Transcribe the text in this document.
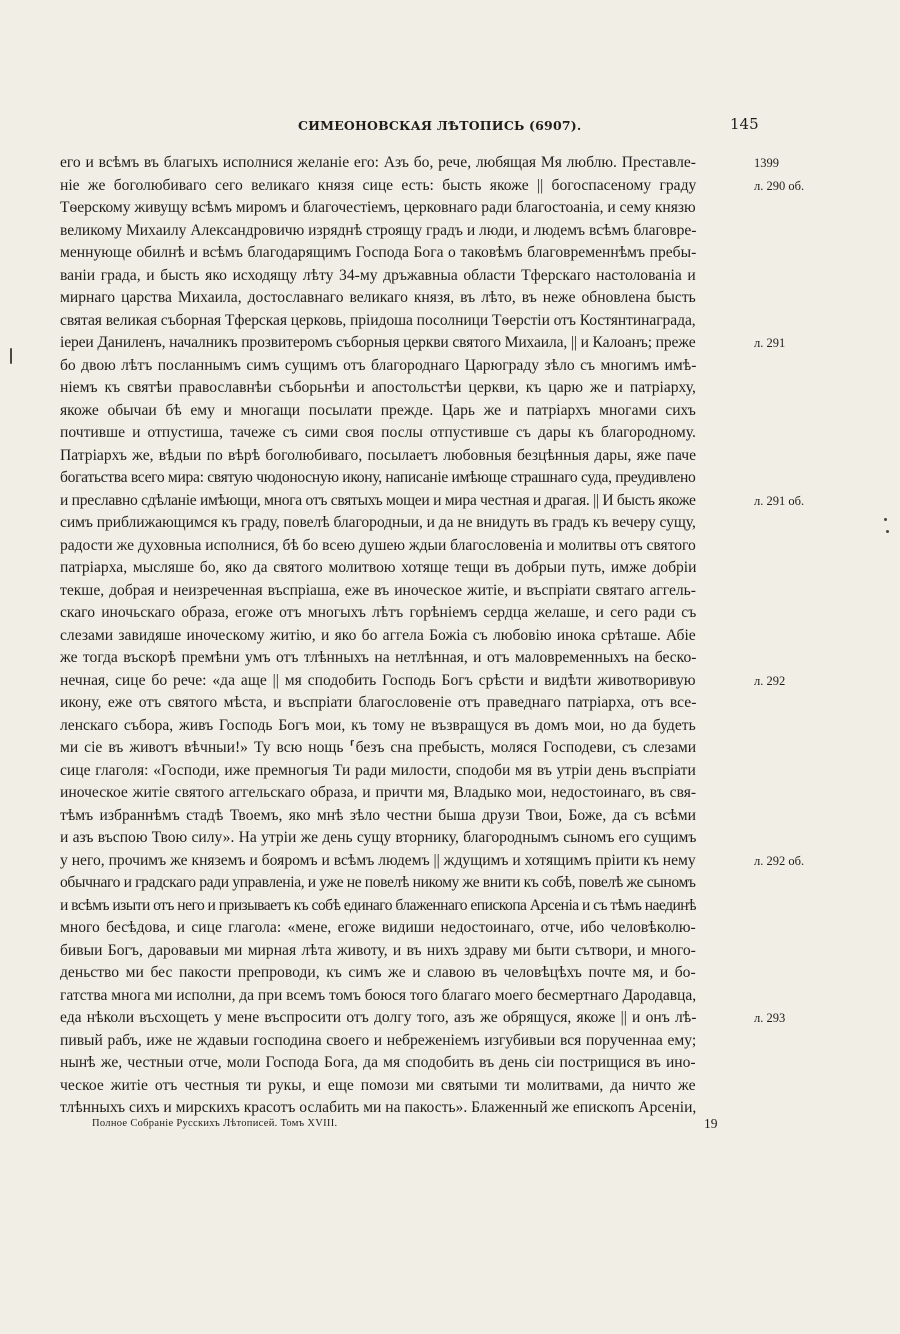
СИМЕОНОВСКАЯ ЛѢТОПИСЬ (6907).	145
его и всѣмъ въ благыхъ исполнися желаніе его: Азъ бо, рече, любящая Мя люблю. Преставле-	1399
ніе же боголюбиваго сего великаго князя сице есть: бысть якоже || богоспасеному граду	л. 290 об.
Тѳерскому живущу всѣмъ миромъ и благочестіемъ, церковнаго ради благостоаніа, и сему князю
великому Михаилу Александровичю изряднѣ строящу градъ и люди, и людемъ всѣмъ благовре-
меннующе обилнѣ и всѣмъ благодарящимъ Господа Бога о таковѣмъ благовременнѣмъ пребы-
ваніи града, и бысть яко исходящу лѣту 34-му дръжавныа области Тферскаго настолованіа и
мирнаго царства Михаила, достославнаго великаго князя, въ лѣто, въ неже обновлена бысть
святая великая съборная Тферская церковь, пріидоша посолници Тѳерстіи отъ Костянтинаграда,
іереи Даниленъ, началникъ прозвитеромъ съборныя церкви святого Михаила, || и Калоанъ; преже	л. 291
бо двою лѣтъ посланнымъ симъ сущимъ отъ благороднаго Царюграду зѣло съ многимъ имѣ-
ніемъ къ святѣи православнѣи съборьнѣи и апостольстѣи церкви, къ царю же и патріарху,
якоже обычаи бѣ ему и многащи посылати прежде. Царь же и патріархъ многами сихъ
почтивше и отпустиша, тачеже съ сими своя послы отпустивше съ дары къ благородному.
Патріархъ же, вѣдыи по вѣрѣ боголюбиваго, посылаетъ любовныя безцѣнныя дары, яже паче
богатьства всего мира: святую чюдоносную икону, написаніе имѣюще страшнаго суда, преудивлено
и преславно сдѣланіе имѣющи, многа отъ святыхъ мощеи и мира честная и драгая. || И бысть якоже	л. 291 об.
симъ приближающимся къ граду, повелѣ благородныи, и да не внидуть въ градъ къ вечеру сущу,
радости же духовныа исполнися, бѣ бо всею душею ждыи благословеніа и молитвы отъ святого
патріарха, мысляше бо, яко да святого молитвою хотяще тещи въ добрыи путь, имже добріи
текше, добрая и неизреченная въспріаша, еже въ иноческое житіе, и въспріати святаго аггель-
скаго иночьскаго образа, егоже отъ многыхъ лѣтъ горѣніемъ сердца желаше, и сего ради съ
слезами завидяше иноческому житію, и яко бо аггела Божіа съ любовію инока срѣташе. Абіе
же тогда въскорѣ премѣни умъ отъ тлѣнныхъ на нетлѣнная, и отъ маловременныхъ на беско-
нечная, сице бо рече: «да аще || мя сподобить Господь Богъ срѣсти и видѣти животворивую	л. 292
икону, еже отъ святого мѣста, и въспріати благословеніе отъ праведнаго патріарха, отъ все-
ленскаго събора, живъ Господь Богъ мои, къ тому не възвращуся въ домъ мои, но да будеть
ми сіе въ животъ вѣчныи!» Ту всю нощь ⸢безъ сна пребысть, моляся Господеви, съ слезами
сице глаголя: «Господи, иже премногыя Ти ради милости, сподоби мя въ утріи день въспріати
иноческое житіе святого аггельскаго образа, и причти мя, Владыко мои, недостоинаго, въ свя-
тѣмъ избраннѣмъ стадѣ Твоемъ, яко мнѣ зѣло честни быша друзи Твои, Боже, да съ всѣми
и азъ въспою Твою силу». На утріи же день сущу вторнику, благороднымъ сыномъ его сущимъ
у него, прочимъ же княземъ и бояромъ и всѣмъ людемъ || ждущимъ и хотящимъ пріити къ нему	л. 292 об.
обычнаго и градскаго ради управленіа, и уже не повелѣ никому же внити къ собѣ, повелѣ же сыномъ
и всѣмъ изыти отъ него и призываетъ къ собѣ единаго блаженнаго епископа Арсеніа и съ тѣмъ наединѣ
много бесѣдова, и сице глагола: «мене, егоже видиши недостоинаго, отче, ибо человѣколю-
бивыи Богъ, даровавыи ми мирная лѣта животу, и въ нихъ здраву ми быти сътвори, и много-
деньство ми бес пакости препроводи, къ симъ же и славою въ человѣцѣхъ почте мя, и бо-
гатства многа ми исполни, да при всемъ томъ боюся того благаго моего бесмертнаго Дародавца,
еда нѣколи въсхощеть у мене въспросити отъ долгу того, азъ же обрящуся, якоже || и онъ лѣ-	л. 293
пивый рабъ, иже не ждавыи господина своего и небреженіемъ изгубивыи вся порученнаа ему;
нынѣ же, честныи отче, моли Господа Бога, да мя сподобить въ день сіи пострищися въ ино-
ческое житіе отъ честныя ти рукы, и еще помози ми святыми ти молитвами, да ничто же
тлѣнныхъ сихъ и мирскихъ красотъ ослабить ми на пакость». Блаженный же епископъ Арсеніи,
Полное Собраніе Русскихъ Лѣтописей. Томъ XVIII.	19
